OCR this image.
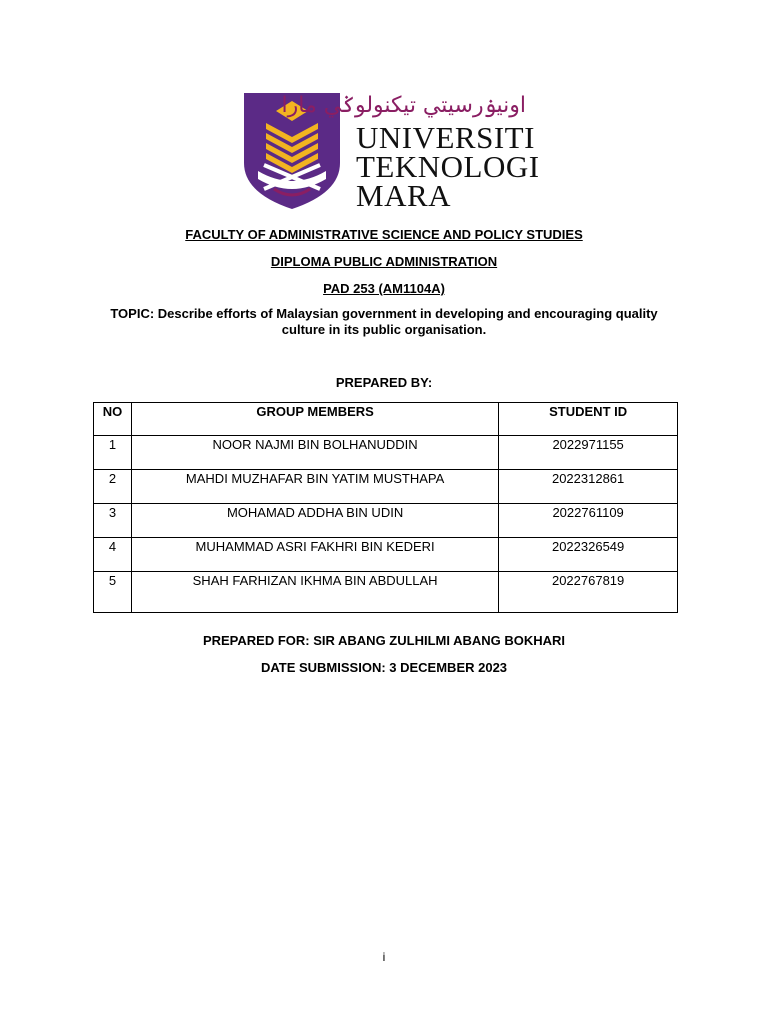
اونيۏرسيتي تيكنولوݢي مارا
UNIVERSITI
TEKNOLOGI
MARA
FACULTY OF ADMINISTRATIVE SCIENCE AND POLICY STUDIES
DIPLOMA PUBLIC ADMINISTRATION
PAD 253 (AM1104A)
TOPIC: Describe efforts of Malaysian government in developing and encouraging quality culture in its public organisation.
PREPARED BY:
NO	GROUP MEMBERS	STUDENT ID
1	NOOR NAJMI BIN BOLHANUDDIN	2022971155
2	MAHDI MUZHAFAR BIN YATIM MUSTHAPA	2022312861
3	MOHAMAD ADDHA BIN UDIN	2022761109
4	MUHAMMAD ASRI FAKHRI BIN KEDERI	2022326549
5	SHAH FARHIZAN IKHMA BIN ABDULLAH	2022767819
PREPARED FOR: SIR ABANG ZULHILMI ABANG BOKHARI
DATE SUBMISSION: 3 DECEMBER 2023
i
